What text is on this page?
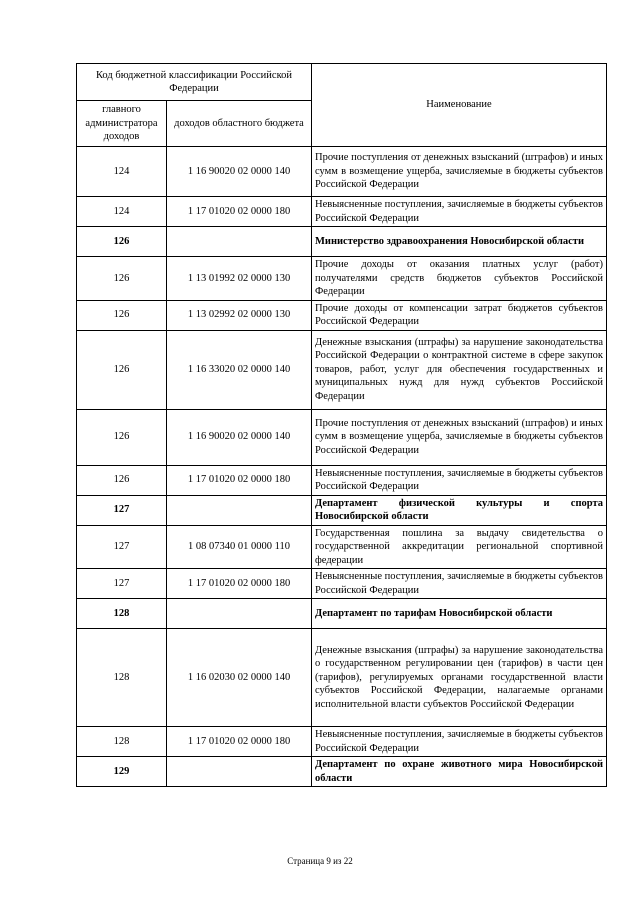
Код бюджетной классификации Российской Федерации		Наименование
главного администратора доходов	доходов областного бюджета	
124	1 16 90020 02 0000 140	Прочие поступления от денежных взысканий (штрафов) и иных сумм в возмещение ущерба, зачисляемые в бюджеты субъектов Российской Федерации
124	1 17 01020 02 0000 180	Невыясненные поступления, зачисляемые в бюджеты субъектов Российской Федерации
126		Министерство здравоохранения Новосибирской области
126	1 13 01992 02 0000 130	Прочие доходы от оказания платных услуг (работ) получателями средств бюджетов субъектов Российской Федерации
126	1 13 02992 02 0000 130	Прочие доходы от компенсации затрат бюджетов субъектов Российской Федерации
126	1 16 33020 02 0000 140	Денежные взыскания (штрафы) за нарушение законодательства Российской Федерации о контрактной системе в сфере закупок товаров, работ, услуг для обеспечения государственных и муниципальных нужд для нужд субъектов Российской Федерации
126	1 16 90020 02 0000 140	Прочие поступления от денежных взысканий (штрафов) и иных сумм в возмещение ущерба, зачисляемые в бюджеты субъектов Российской Федерации
126	1 17 01020 02 0000 180	Невыясненные поступления, зачисляемые в бюджеты субъектов Российской Федерации
127		Департамент физической культуры и спорта Новосибирской области
127	1 08 07340 01 0000 110	Государственная пошлина за выдачу свидетельства о государственной аккредитации региональной спортивной федерации
127	1 17 01020 02 0000 180	Невыясненные поступления, зачисляемые в бюджеты субъектов Российской Федерации
128		Департамент по тарифам Новосибирской области
128	1 16 02030 02 0000 140	Денежные взыскания (штрафы) за нарушение законодательства о государственном регулировании цен (тарифов) в части цен (тарифов), регулируемых органами государственной власти субъектов Российской Федерации, налагаемые органами исполнительной власти субъектов Российской Федерации
128	1 17 01020 02 0000 180	Невыясненные поступления, зачисляемые в бюджеты субъектов Российской Федерации
129		Департамент по охране животного мира Новосибирской области
Страница 9 из 22
